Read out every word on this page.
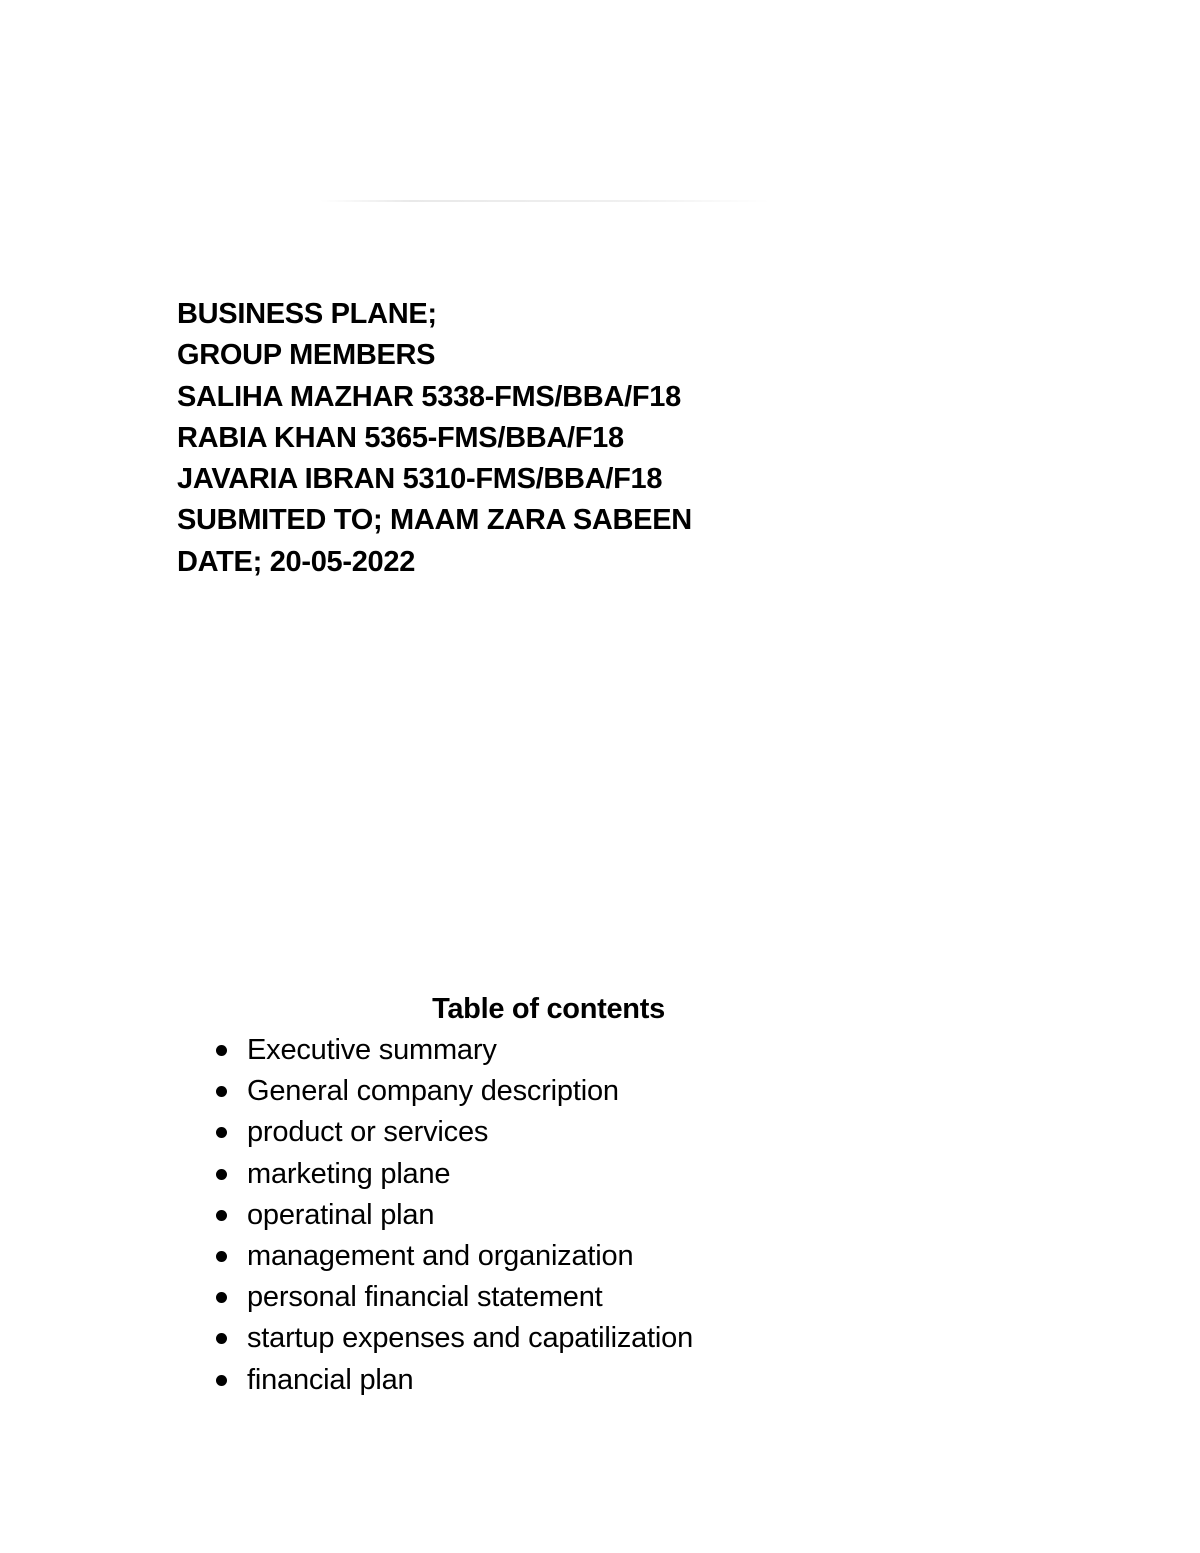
BUSINESS PLANE;
GROUP MEMBERS
SALIHA MAZHAR 5338-FMS/BBA/F18
RABIA KHAN 5365-FMS/BBA/F18
JAVARIA IBRAN 5310-FMS/BBA/F18
SUBMITED TO; MAAM ZARA SABEEN
DATE; 20-05-2022
Table of contents
Executive summary
General company description
product or services
marketing plane
operatinal plan
management and organization
personal financial statement
startup expenses and capatilization
financial plan
